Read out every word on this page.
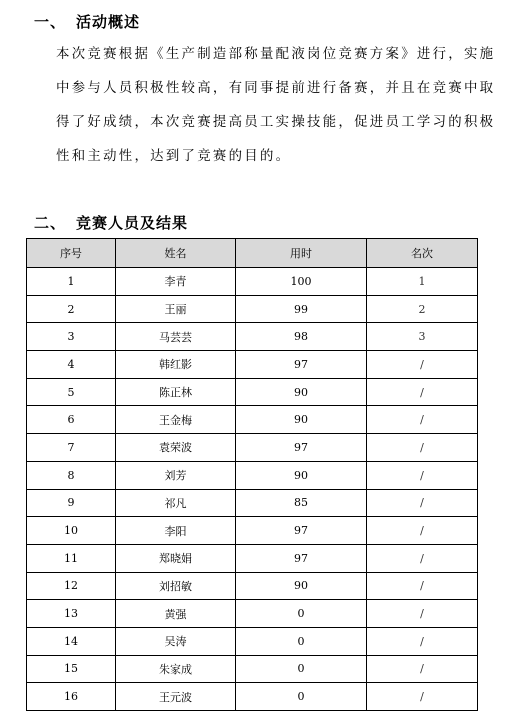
一、 活动概述
本次竞赛根据《生产制造部称量配液岗位竞赛方案》进行，实施
中参与人员积极性较高，有同事提前进行备赛，并且在竞赛中取
得了好成绩，本次竞赛提高员工实操技能，促进员工学习的积极
性和主动性，达到了竞赛的目的。
二、 竞赛人员及结果
序号	姓名	用时	名次
1	李青	100	1
2	王丽	99	2
3	马芸芸	98	3
4	韩红影	97	/
5	陈正林	90	/
6	王金梅	90	/
7	袁荣波	97	/
8	刘芳	90	/
9	祁凡	85	/
10	李阳	97	/
11	郑晓娟	97	/
12	刘招敏	90	/
13	黄强	0	/
14	吴涛	0	/
15	朱家成	0	/
16	王元波	0	/
